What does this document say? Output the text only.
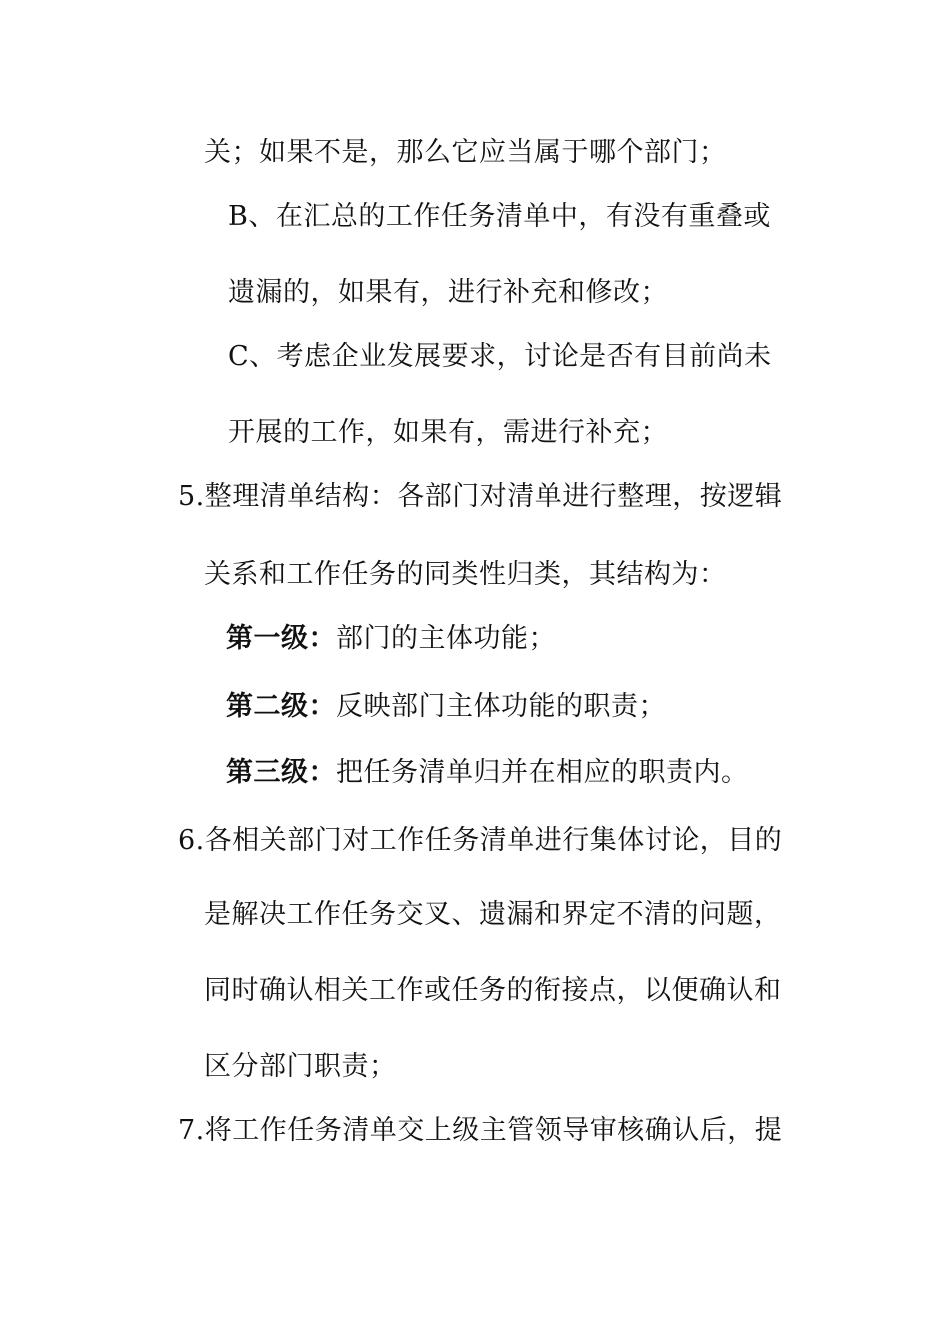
关；如果不是，那么它应当属于哪个部门；
B、在汇总的工作任务清单中，有没有重叠或
遗漏的，如果有，进行补充和修改；
C、考虑企业发展要求，讨论是否有目前尚未
开展的工作，如果有，需进行补充；
5.整理清单结构：各部门对清单进行整理，按逻辑
关系和工作任务的同类性归类，其结构为：
第一级：部门的主体功能；
第二级：反映部门主体功能的职责；
第三级：把任务清单归并在相应的职责内。
6.各相关部门对工作任务清单进行集体讨论，目的
是解决工作任务交叉、遗漏和界定不清的问题，
同时确认相关工作或任务的衔接点，以便确认和
区分部门职责；
7.将工作任务清单交上级主管领导审核确认后，提
